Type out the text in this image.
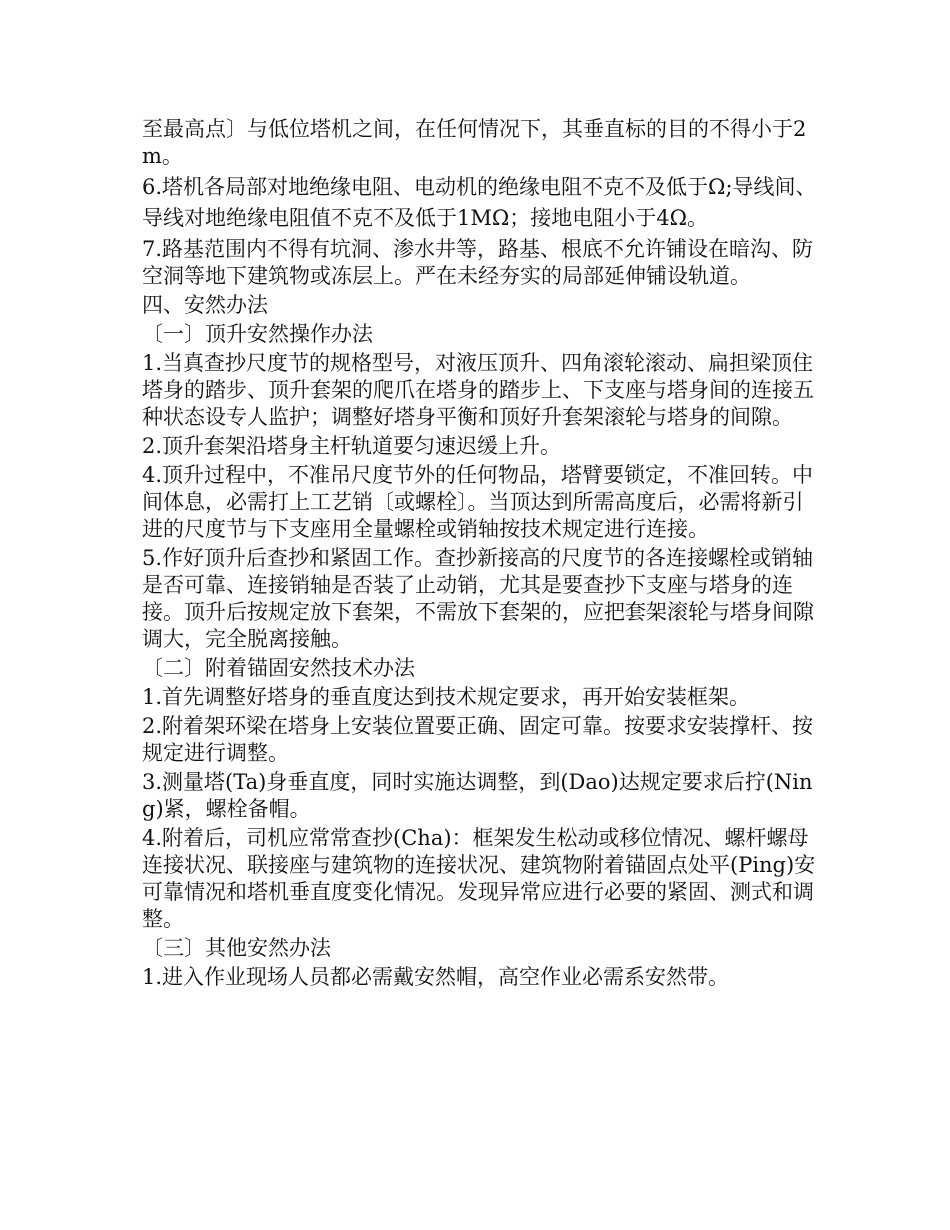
至最高点〕与低位塔机之间，在任何情况下，其垂直标的目的不得小于2m。

6.塔机各局部对地绝缘电阻、电动机的绝缘电阻不克不及低于Ω;导线间、导线对地绝缘电阻值不克不及低于1MΩ；接地电阻小于4Ω。

7.路基范围内不得有坑洞、渗水井等，路基、根底不允许铺设在暗沟、防空洞等地下建筑物或冻层上。严在未经夯实的局部延伸铺设轨道。

四、安然办法

〔一〕顶升安然操作办法

1.当真查抄尺度节的规格型号，对液压顶升、四角滚轮滚动、扁担梁顶住塔身的踏步、顶升套架的爬爪在塔身的踏步上、下支座与塔身间的连接五种状态设专人监护；调整好塔身平衡和顶好升套架滚轮与塔身的间隙。

2.顶升套架沿塔身主杆轨道要匀速迟缓上升。

4.顶升过程中，不准吊尺度节外的任何物品，塔臂要锁定，不准回转。中间体息，必需打上工艺销〔或螺栓〕。当顶达到所需高度后，必需将新引进的尺度节与下支座用全量螺栓或销轴按技术规定进行连接。

5.作好顶升后查抄和紧固工作。查抄新接高的尺度节的各连接螺栓或销轴是否可靠、连接销轴是否装了止动销，尤其是要查抄下支座与塔身的连接。顶升后按规定放下套架，不需放下套架的，应把套架滚轮与塔身间隙调大，完全脱离接触。

〔二〕附着锚固安然技术办法

1.首先调整好塔身的垂直度达到技术规定要求，再开始安装框架。

2.附着架环梁在塔身上安装位置要正确、固定可靠。按要求安装撑杆、按规定进行调整。

3.测量塔(Ta)身垂直度，同时实施达调整，到(Dao)达规定要求后拧(Ning)紧，螺栓备帽。

4.附着后，司机应常常查抄(Cha)：框架发生松动或移位情况、螺杆螺母连接状况、联接座与建筑物的连接状况、建筑物附着锚固点处平(Ping)安可靠情况和塔机垂直度变化情况。发现异常应进行必要的紧固、测式和调整。

〔三〕其他安然办法

1.进入作业现场人员都必需戴安然帽，高空作业必需系安然带。
